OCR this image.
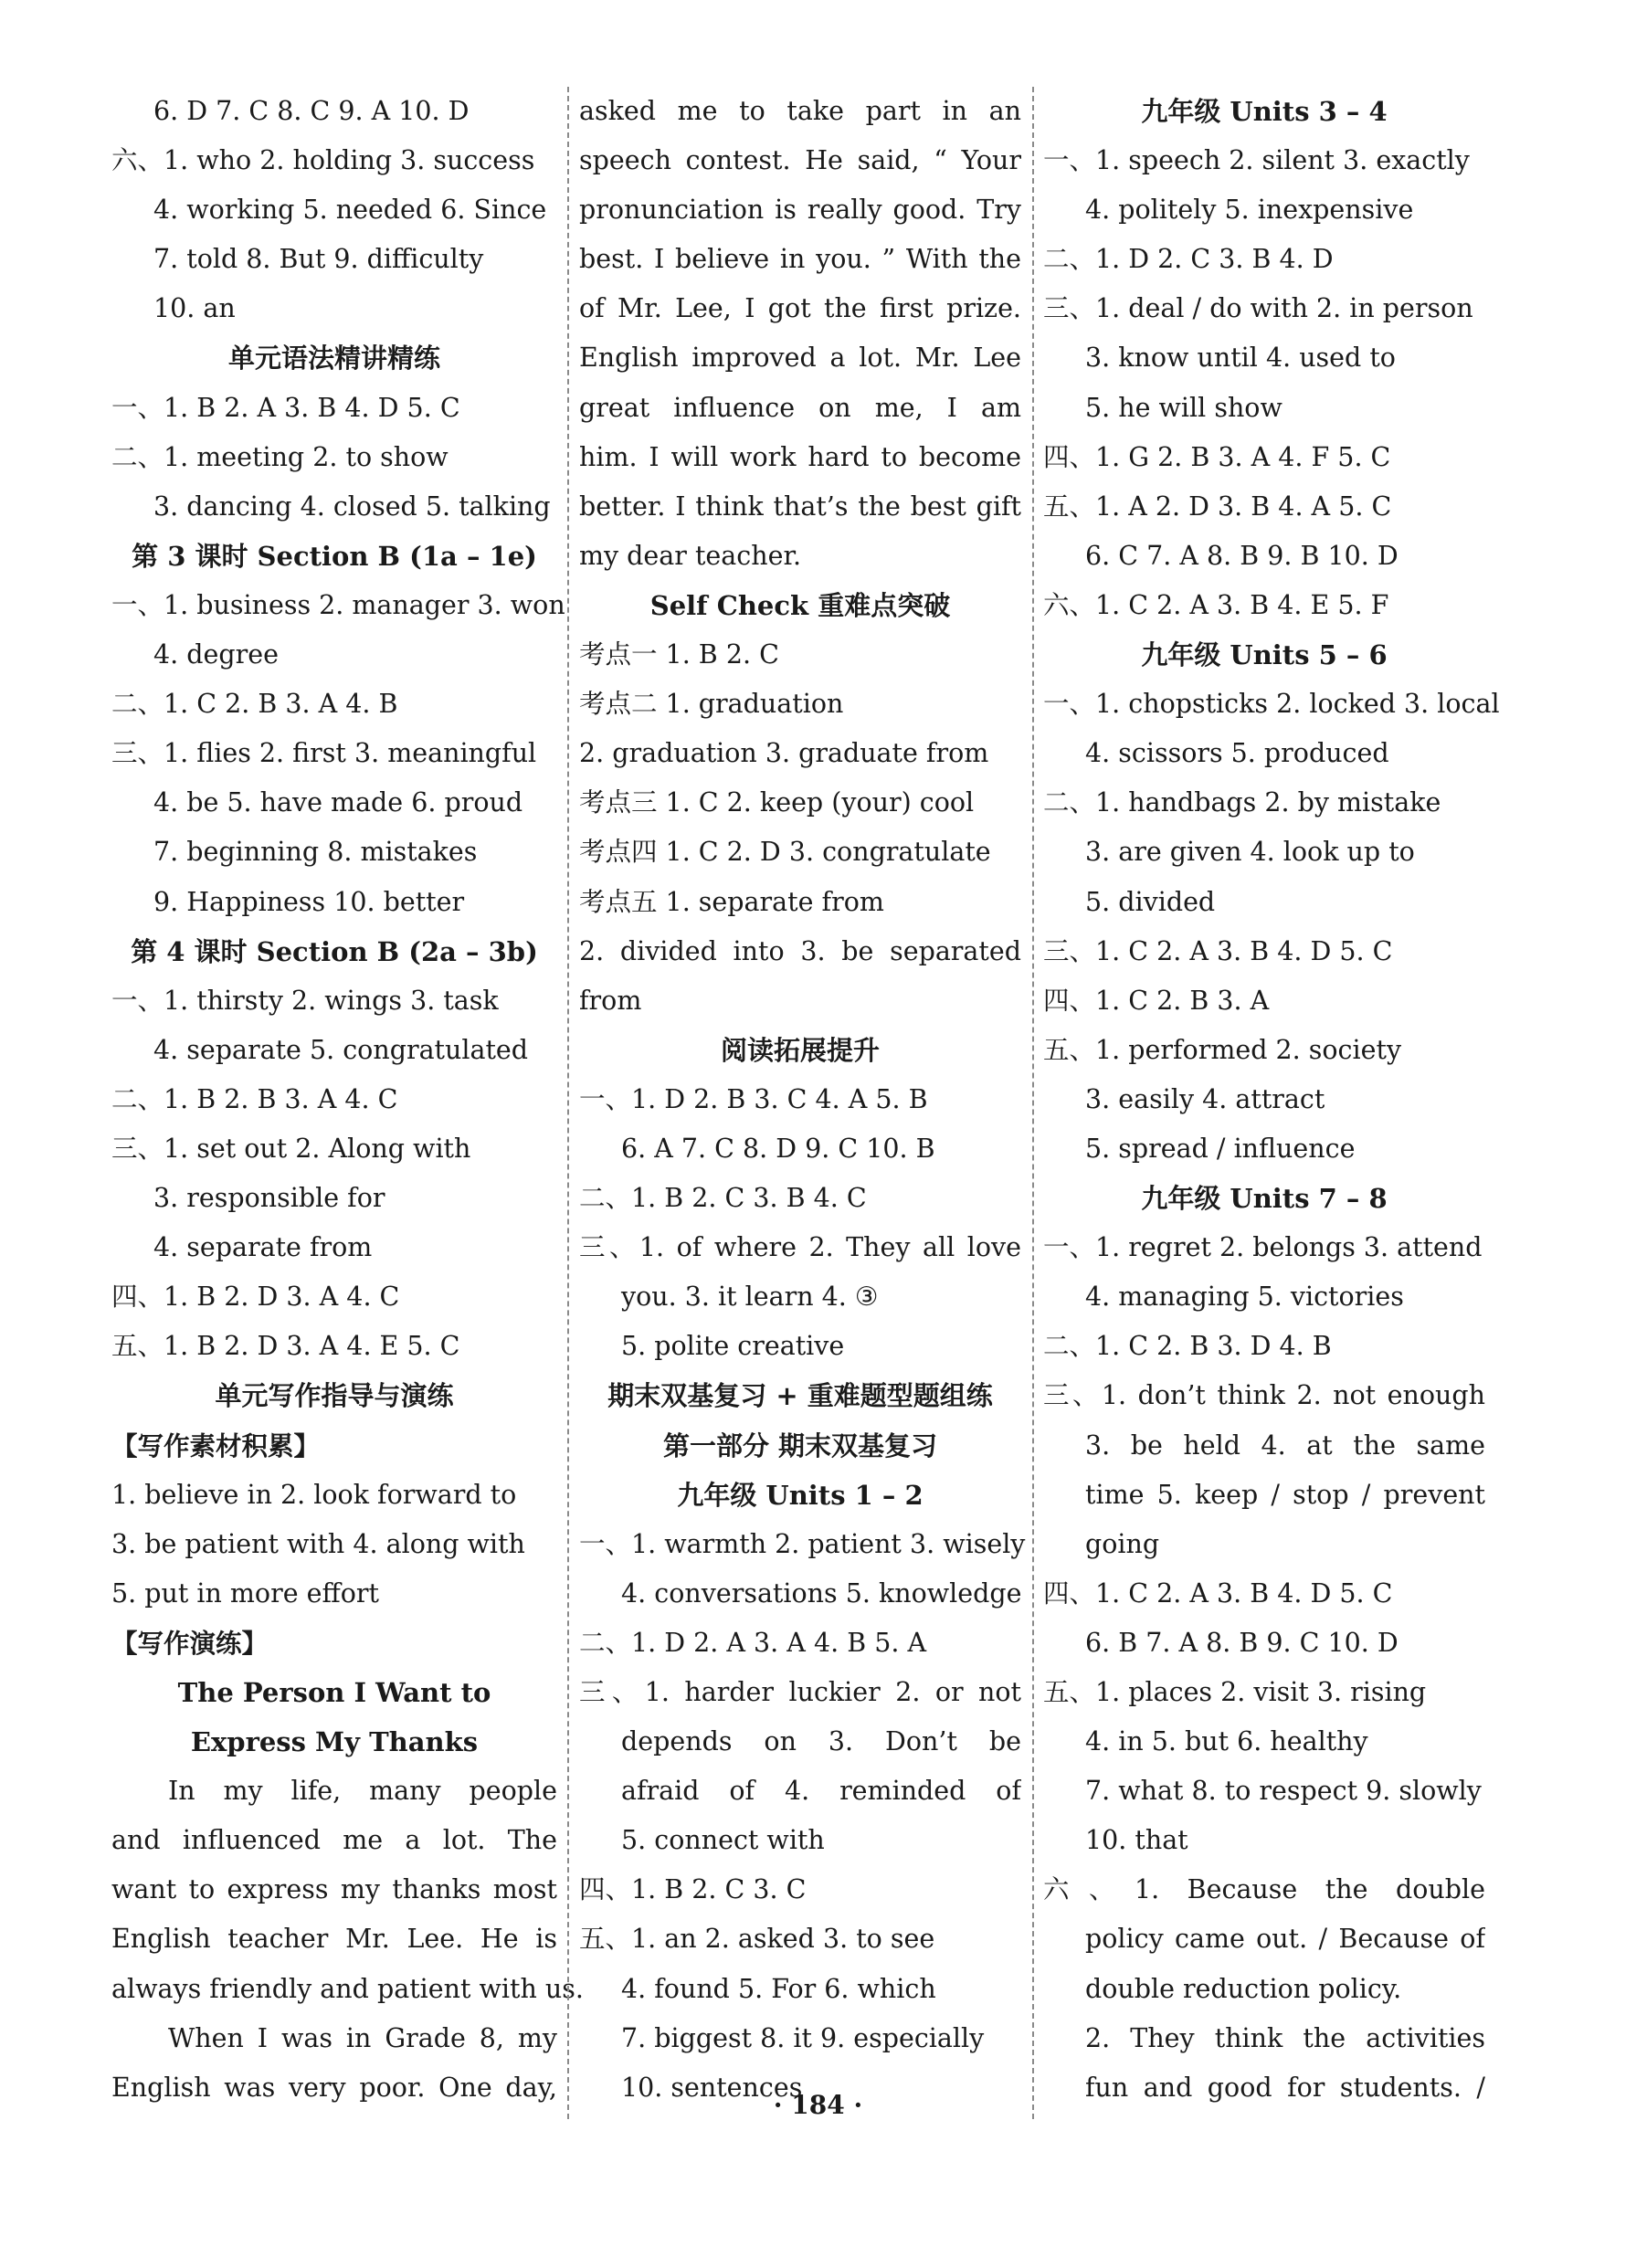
6. D 7. C 8. C 9. A 10. D
六、1. who 2. holding 3. success
4. working 5. needed 6. Since
7. told 8. But 9. difficulty
10. an
单元语法精讲精练
一、1. B 2. A 3. B 4. D 5. C
二、1. meeting 2. to show
3. dancing 4. closed 5. talking
第 3 课时 Section B (1a – 1e)
一、1. business 2. manager 3. won
4. degree
二、1. C 2. B 3. A 4. B
三、1. flies 2. first 3. meaningful
4. be 5. have made 6. proud
7. beginning 8. mistakes
9. Happiness 10. better
第 4 课时 Section B (2a – 3b)
一、1. thirsty 2. wings 3. task
4. separate 5. congratulated
二、1. B 2. B 3. A 4. C
三、1. set out 2. Along with
3. responsible for
4. separate from
四、1. B 2. D 3. A 4. C
五、1. B 2. D 3. A 4. E 5. C
单元写作指导与演练
【写作素材积累】
1. believe in 2. look forward to
3. be patient with 4. along with
5. put in more effort
【写作演练】
The Person I Want to
Express My Thanks
In my life, many people
and influenced me a lot. The
want to express my thanks most
English teacher Mr. Lee. He is
always friendly and patient with us.
When I was in Grade 8, my
English was very poor. One day,
asked me to take part in an
speech contest. He said, “ Your
pronunciation is really good. Try
best. I believe in you. ” With the
of Mr. Lee, I got the first prize.
English improved a lot. Mr. Lee
great influence on me, I am
him. I will work hard to become
better. I think that’s the best gift
my dear teacher.
Self Check 重难点突破
考点一 1. B 2. C
考点二 1. graduation
2. graduation 3. graduate from
考点三 1. C 2. keep (your) cool
考点四 1. C 2. D 3. congratulate
考点五 1. separate from
2. divided into 3. be separated
from
阅读拓展提升
一、1. D 2. B 3. C 4. A 5. B
6. A 7. C 8. D 9. C 10. B
二、1. B 2. C 3. B 4. C
三、1. of where 2. They all love
you. 3. it learn 4. ③
5. polite creative
期末双基复习 + 重难题型题组练
第一部分 期末双基复习
九年级 Units 1 – 2
一、1. warmth 2. patient 3. wisely
4. conversations 5. knowledge
二、1. D 2. A 3. A 4. B 5. A
三、1. harder luckier 2. or not
depends on 3. Don’t be
afraid of 4. reminded of
5. connect with
四、1. B 2. C 3. C
五、1. an 2. asked 3. to see
4. found 5. For 6. which
7. biggest 8. it 9. especially
10. sentences
九年级 Units 3 – 4
一、1. speech 2. silent 3. exactly
4. politely 5. inexpensive
二、1. D 2. C 3. B 4. D
三、1. deal / do with 2. in person
3. know until 4. used to
5. he will show
四、1. G 2. B 3. A 4. F 5. C
五、1. A 2. D 3. B 4. A 5. C
6. C 7. A 8. B 9. B 10. D
六、1. C 2. A 3. B 4. E 5. F
九年级 Units 5 – 6
一、1. chopsticks 2. locked 3. local
4. scissors 5. produced
二、1. handbags 2. by mistake
3. are given 4. look up to
5. divided
三、1. C 2. A 3. B 4. D 5. C
四、1. C 2. B 3. A
五、1. performed 2. society
3. easily 4. attract
5. spread / influence
九年级 Units 7 – 8
一、1. regret 2. belongs 3. attend
4. managing 5. victories
二、1. C 2. B 3. D 4. B
三、1. don’t think 2. not enough
3. be held 4. at the same
time 5. keep / stop / prevent
going
四、1. C 2. A 3. B 4. D 5. C
6. B 7. A 8. B 9. C 10. D
五、1. places 2. visit 3. rising
4. in 5. but 6. healthy
7. what 8. to respect 9. slowly
10. that
六、1. Because the double
policy came out. / Because of
double reduction policy.
2. They think the activities
fun and good for students. /
· 184 ·
